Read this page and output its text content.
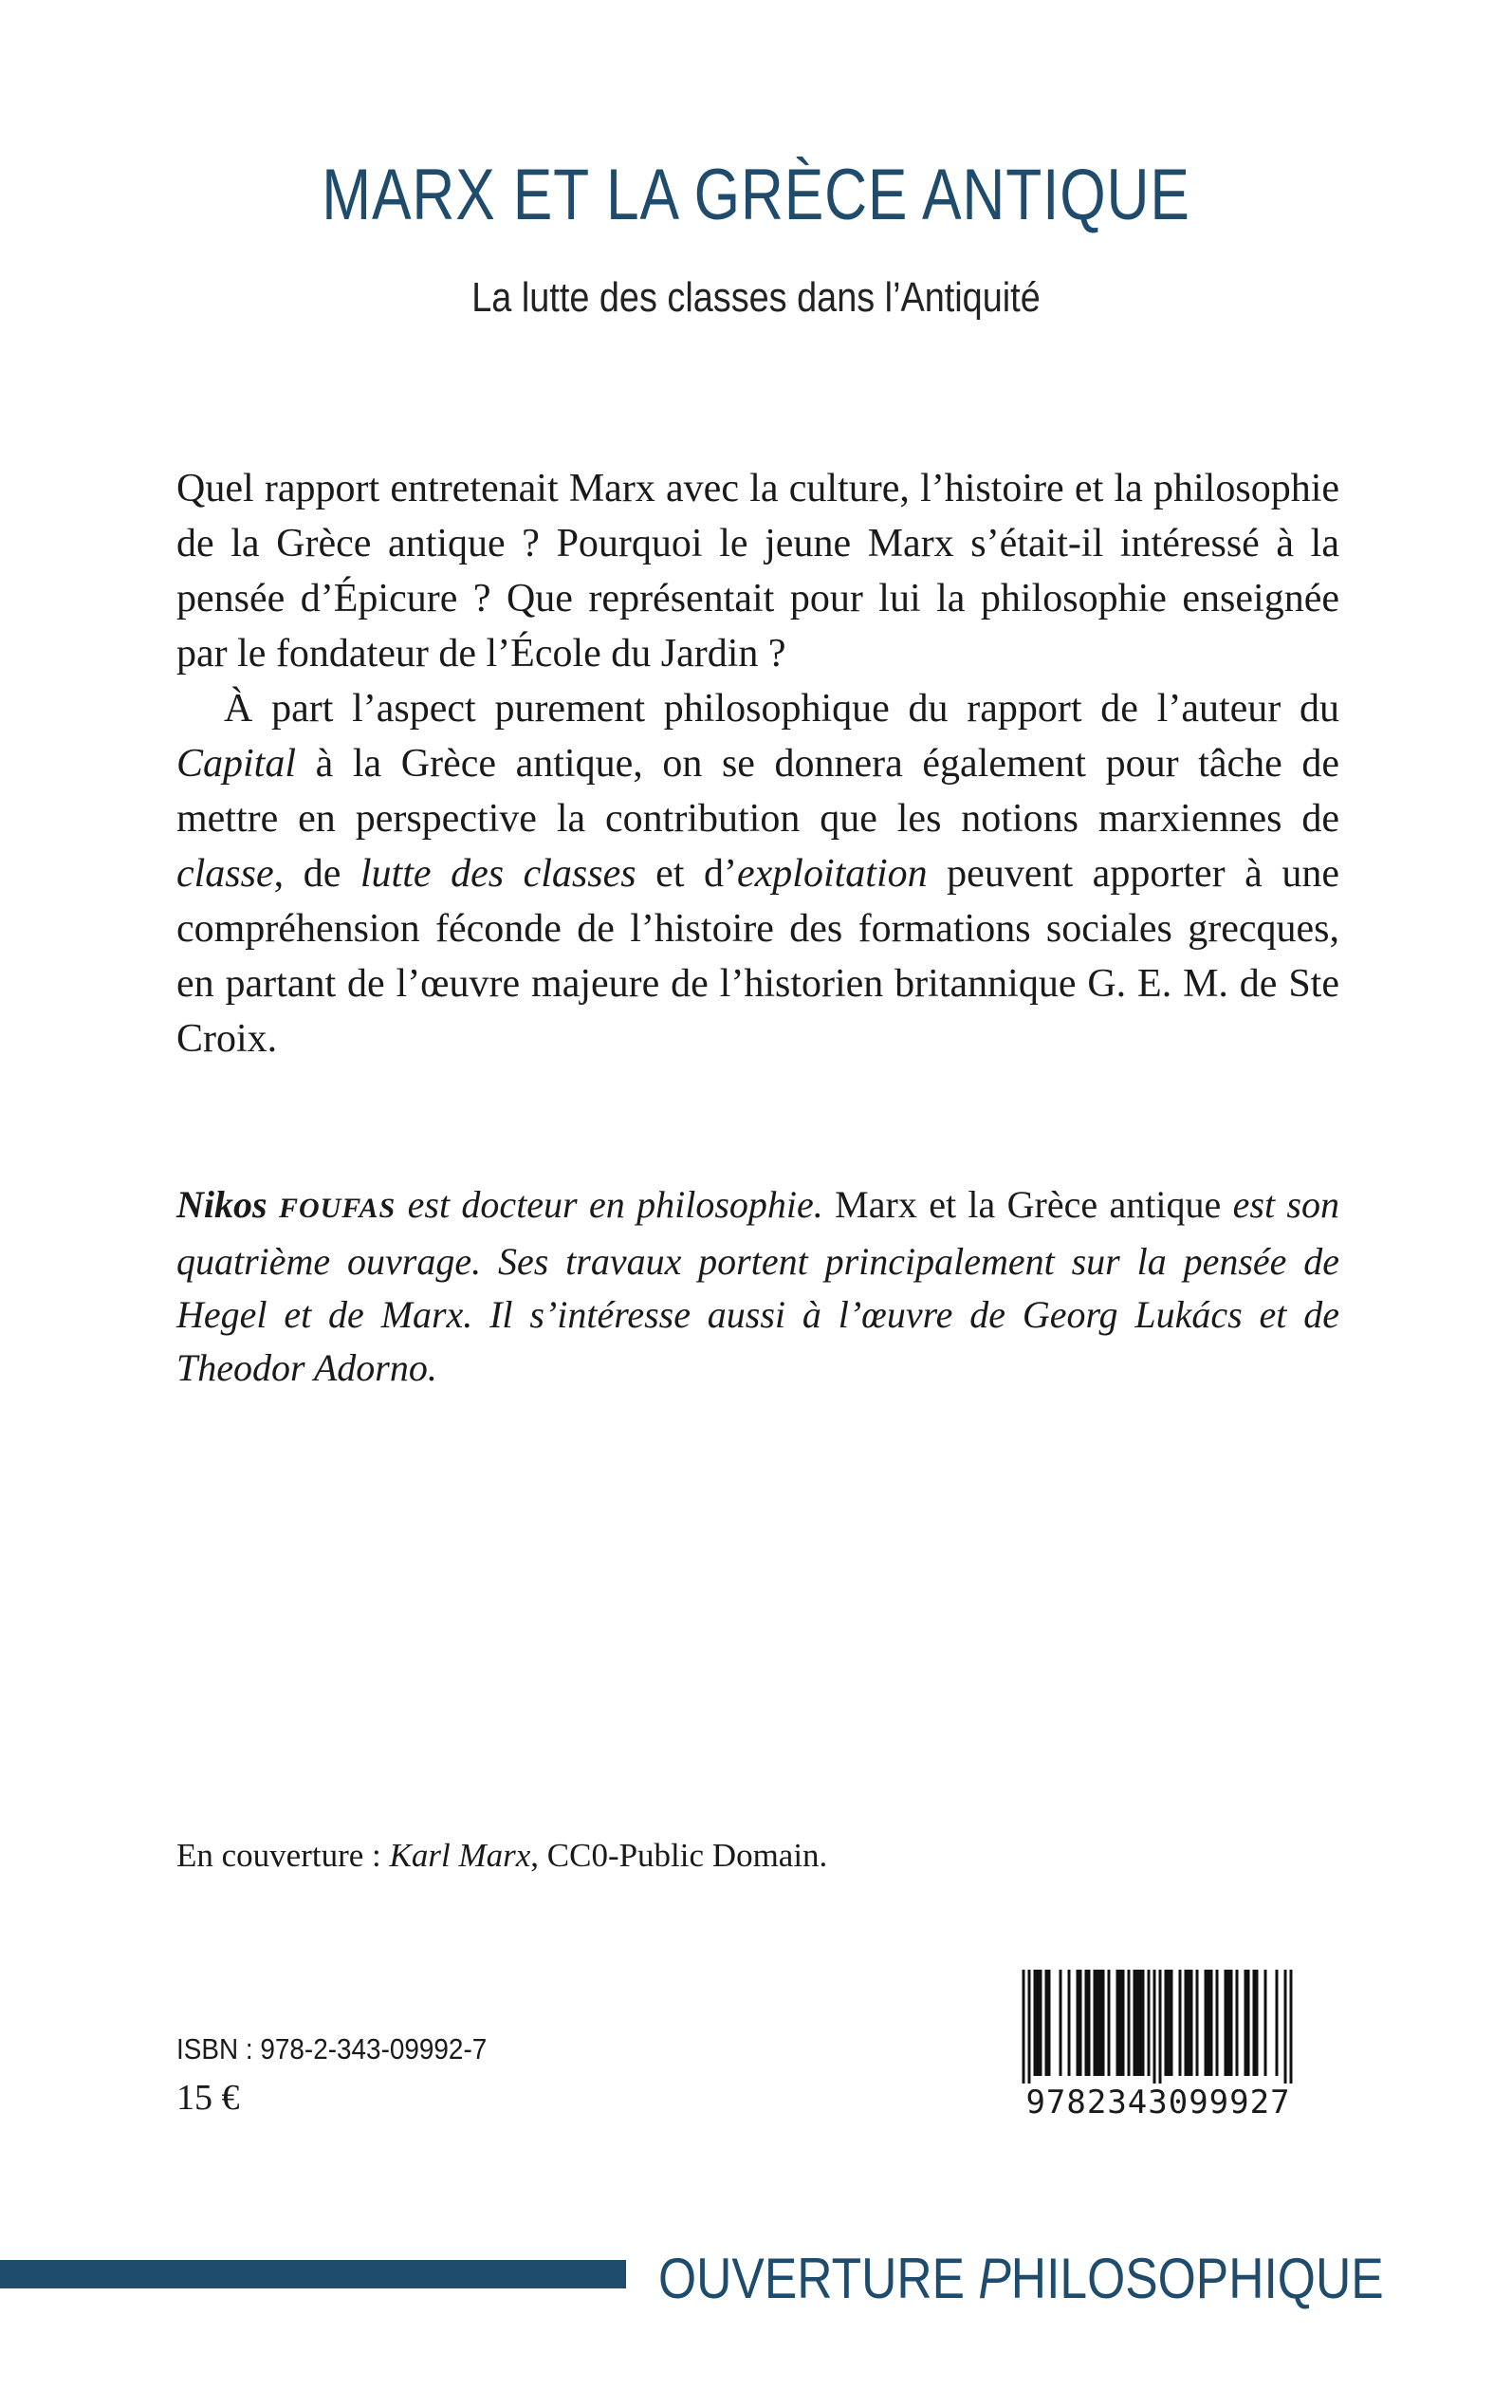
MARX ET LA GRÈCE ANTIQUE
La lutte des classes dans l’Antiquité

Quel rapport entretenait Marx avec la culture, l’histoire et la philosophie de la Grèce antique ? Pourquoi le jeune Marx s’était-il intéressé à la pensée d’Épicure ? Que représentait pour lui la philosophie enseignée par le fondateur de l’École du Jardin ?

À part l’aspect purement philosophique du rapport de l’auteur du Capital à la Grèce antique, on se donnera également pour tâche de mettre en perspective la contribution que les notions marxiennes de classe, de lutte des classes et d’exploitation peuvent apporter à une compréhension féconde de l’histoire des formations sociales grecques, en partant de l’œuvre majeure de l’historien britannique G. E. M. de Ste Croix.

Nikos FOUFAS est docteur en philosophie. Marx et la Grèce antique est son quatrième ouvrage. Ses travaux portent principalement sur la pensée de Hegel et de Marx. Il s’intéresse aussi à l’œuvre de Georg Lukács et de Theodor Adorno.
En couverture : Karl Marx, CC0-Public Domain.
ISBN : 978-2-343-09992-7
15 €	9782343099927
OUVERTURE PHILOSOPHIQUE
